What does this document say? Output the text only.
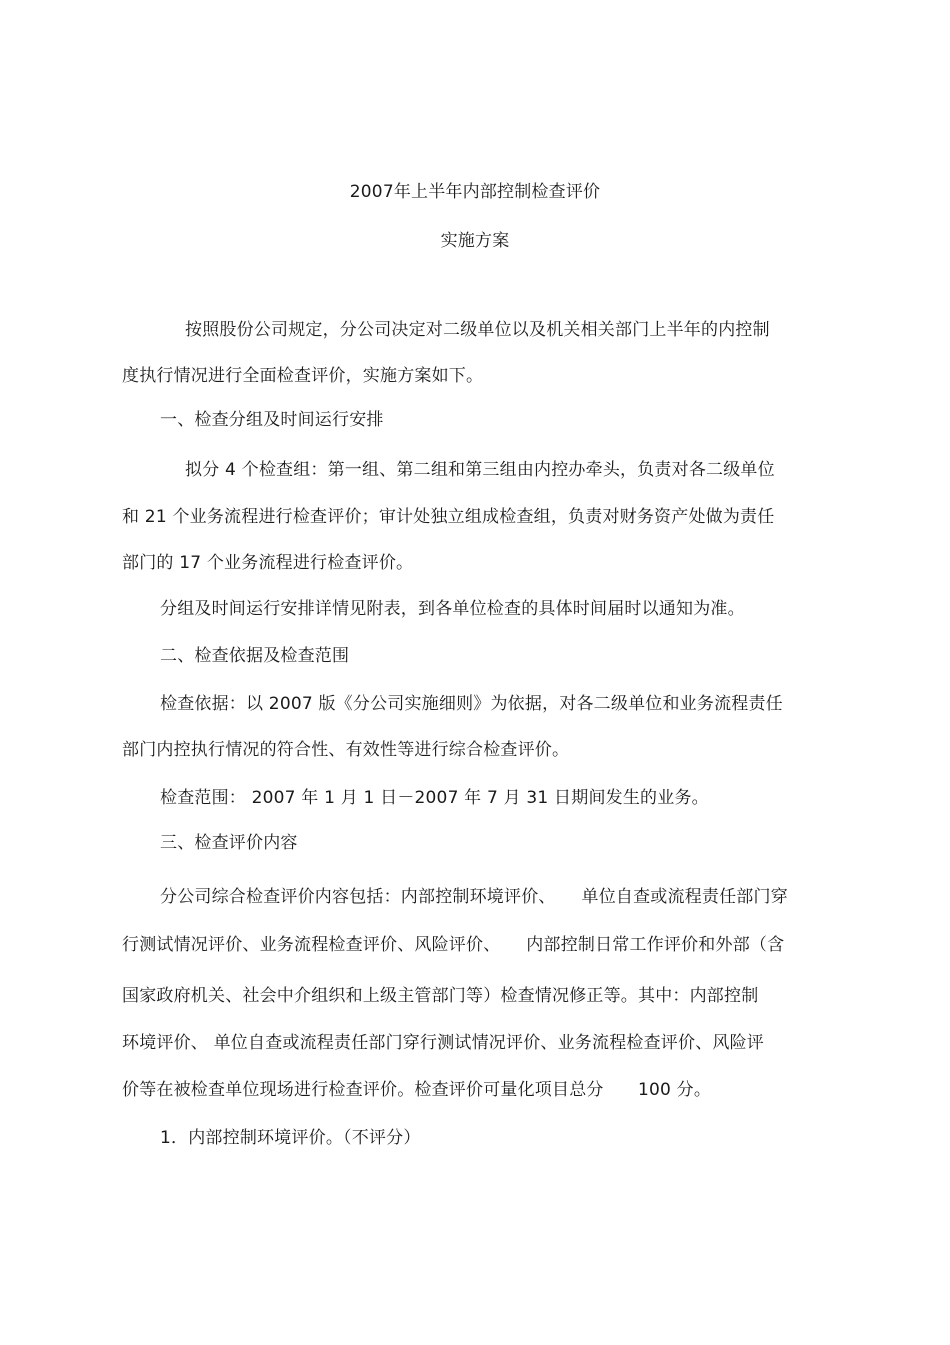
2007年上半年内部控制检查评价
实施方案
按照股份公司规定，分公司决定对二级单位以及机关相关部门上半年的内控制
度执行情况进行全面检查评价，实施方案如下。
一、检查分组及时间运行安排
拟分 4 个检查组：第一组、第二组和第三组由内控办牵头，负责对各二级单位
和 21 个业务流程进行检查评价；审计处独立组成检查组，负责对财务资产处做为责任
部门的 17 个业务流程进行检查评价。
分组及时间运行安排详情见附表，到各单位检查的具体时间届时以通知为准。
二、检查依据及检查范围
检查依据：以 2007 版《分公司实施细则》为依据，对各二级单位和业务流程责任
部门内控执行情况的符合性、有效性等进行综合检查评价。
检查范围： 2007 年 1 月 1 日－2007 年 7 月 31 日期间发生的业务。
三、检查评价内容
分公司综合检查评价内容包括：内部控制环境评价、　　单位自查或流程责任部门穿
行测试情况评价、业务流程检查评价、风险评价、　　内部控制日常工作评价和外部（含
国家政府机关、社会中介组织和上级主管部门等）检查情况修正等。其中：内部控制
环境评价、 单位自查或流程责任部门穿行测试情况评价、业务流程检查评价、风险评
价等在被检查单位现场进行检查评价。检查评价可量化项目总分　　100 分。
1．内部控制环境评价。（不评分）
